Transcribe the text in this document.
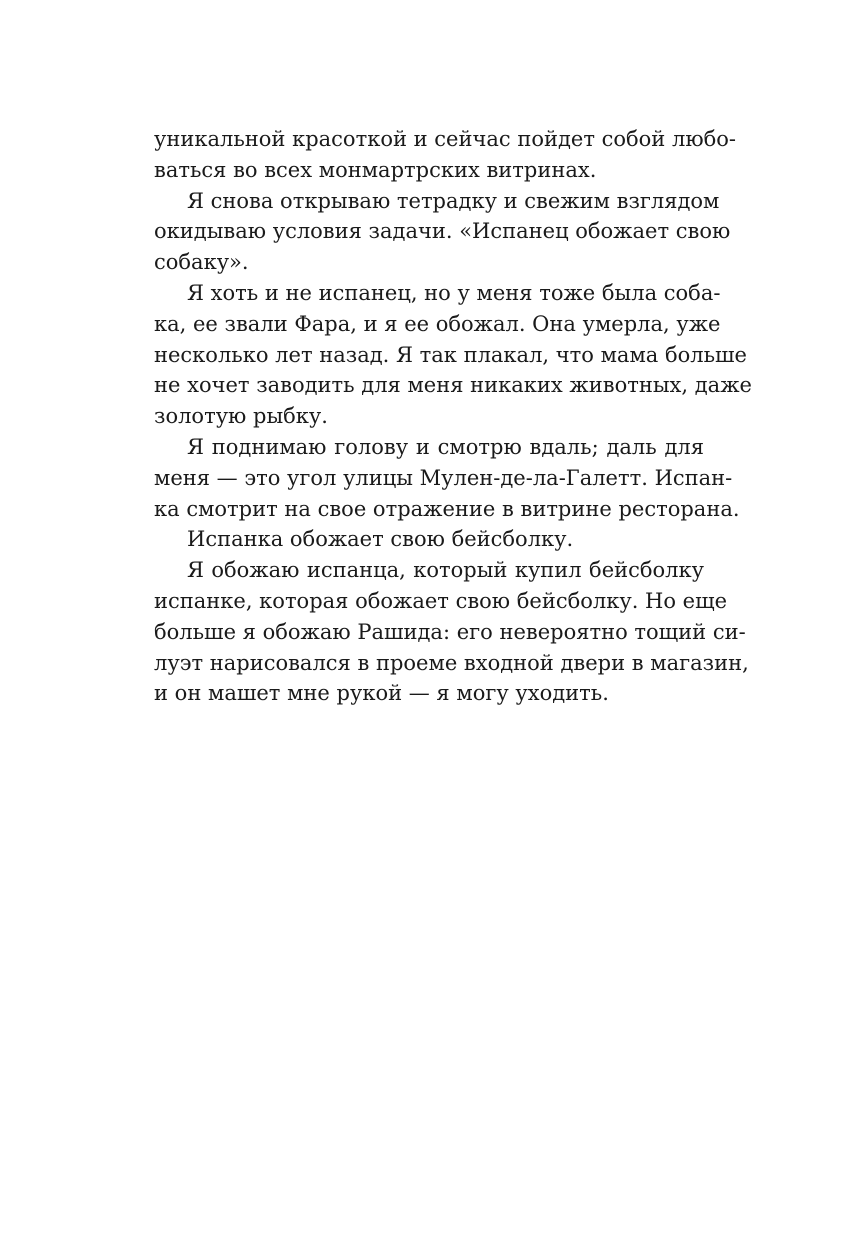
уникальной красоткой и сейчас пойдет собой любо-
ваться во всех монмартрских витринах.
Я снова открываю тетрадку и свежим взглядом
окидываю условия задачи. «Испанец обожает свою
собаку».
Я хоть и не испанец, но у меня тоже была соба-
ка, ее звали Фара, и я ее обожал. Она умерла, уже
несколько лет назад. Я так плакал, что мама больше
не хочет заводить для меня никаких животных, даже
золотую рыбку.
Я поднимаю голову и смотрю вдаль; даль для
меня — это угол улицы Мулен-де-ла-Галетт. Испан-
ка смотрит на свое отражение в витрине ресторана.
Испанка обожает свою бейсболку.
Я обожаю испанца, который купил бейсболку
испанке, которая обожает свою бейсболку. Но еще
больше я обожаю Рашида: его невероятно тощий си-
луэт нарисовался в проеме входной двери в магазин,
и он машет мне рукой — я могу уходить.
